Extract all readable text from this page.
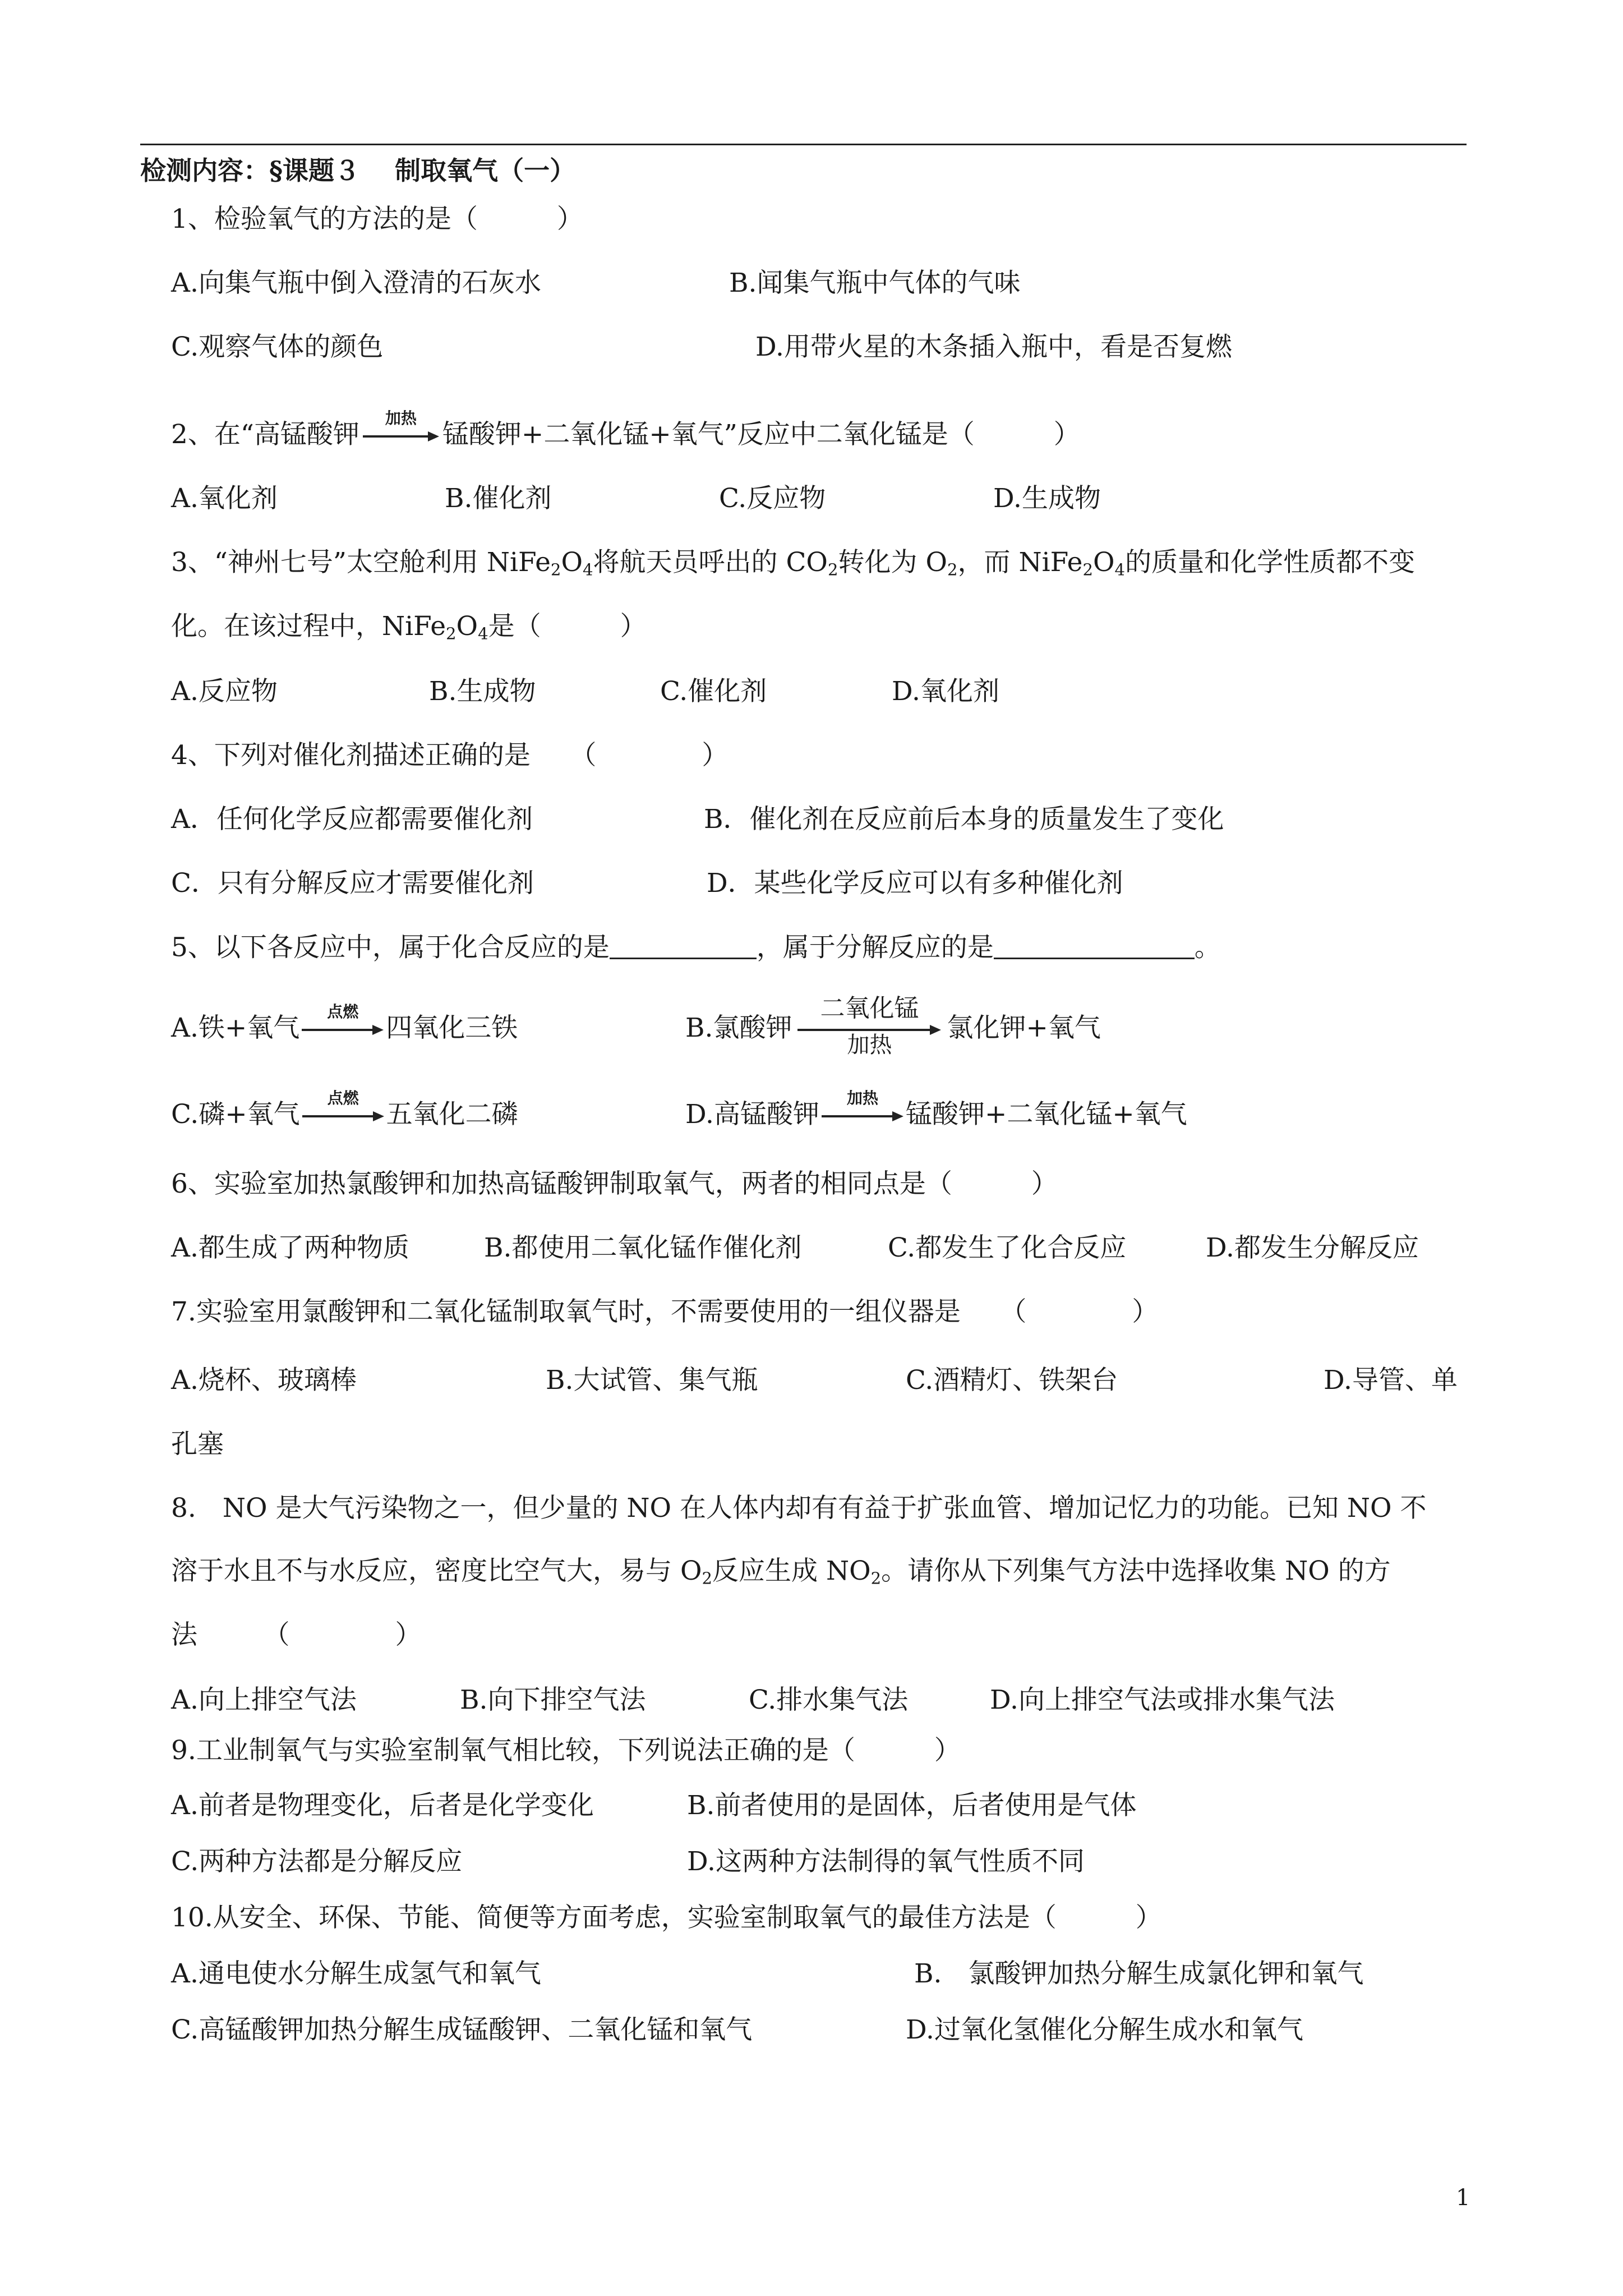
检测内容：§课题３　 制取氧气（一）
1、检验氧气的方法的是（　　　）
A.向集气瓶中倒入澄清的石灰水	B.闻集气瓶中气体的气味
C.观察气体的颜色	D.用带火星的木条插入瓶中，看是否复燃
2、在“高锰酸钾
加热
锰酸钾+二氧化锰+氧气”反应中二氧化锰是（　　　）
A.氧化剂	B.催化剂	C.反应物	D.生成物
3、“神州七号”太空舱利用 $NiFe_2O_4$将航天员呼出的 $CO_2$转化为 $O_2$，而 $NiFe_2O_4$的质量和化学性质都不变
化。在该过程中，$NiFe_2O_4$是（　　　）
A.反应物	B.生成物	C.催化剂	D.氧化剂
4、下列对催化剂描述正确的是　　（　　　　）
A．任何化学反应都需要催化剂	B．催化剂在反应前后本身的质量发生了变化
C．只有分解反应才需要催化剂	D．某些化学反应可以有多种催化剂
5、以下各反应中，属于化合反应的是	，属于分解反应的是	。
A.铁+氧气
点燃
四氧化三铁	B.氯酸钾
二氧化锰
加热
氯化钾+氧气
C.磷+氧气
点燃
五氧化二磷	D.高锰酸钾
加热
锰酸钾+二氧化锰+氧气
6、实验室加热氯酸钾和加热高锰酸钾制取氧气，两者的相同点是（　　　）
A.都生成了两种物质	B.都使用二氧化锰作催化剂	C.都发生了化合反应	D.都发生分解反应
7.实验室用氯酸钾和二氧化锰制取氧气时，不需要使用的一组仪器是　　（　　　　）
A.烧杯、玻璃棒	B.大试管、集气瓶	C.酒精灯、铁架台	D.导管、单
孔塞
8.　NO 是大气污染物之一，但少量的 NO 在人体内却有有益于扩张血管、增加记忆力的功能。已知 NO 不
溶于水且不与水反应，密度比空气大，易与 $O_2$反应生成 $NO_2$。请你从下列集气方法中选择收集 NO 的方
法　　　（　　　　）
A.向上排空气法	B.向下排空气法	C.排水集气法	D.向上排空气法或排水集气法
9.工业制氧气与实验室制氧气相比较，下列说法正确的是（　　　）
A.前者是物理变化，后者是化学变化	B.前者使用的是固体，后者使用是气体
C.两种方法都是分解反应	D.这两种方法制得的氧气性质不同
10.从安全、环保、节能、简便等方面考虑，实验室制取氧气的最佳方法是（　　　）
A.通电使水分解生成氢气和氧气	B.　氯酸钾加热分解生成氯化钾和氧气
C.高锰酸钾加热分解生成锰酸钾、二氧化锰和氧气	D.过氧化氢催化分解生成水和氧气
1
